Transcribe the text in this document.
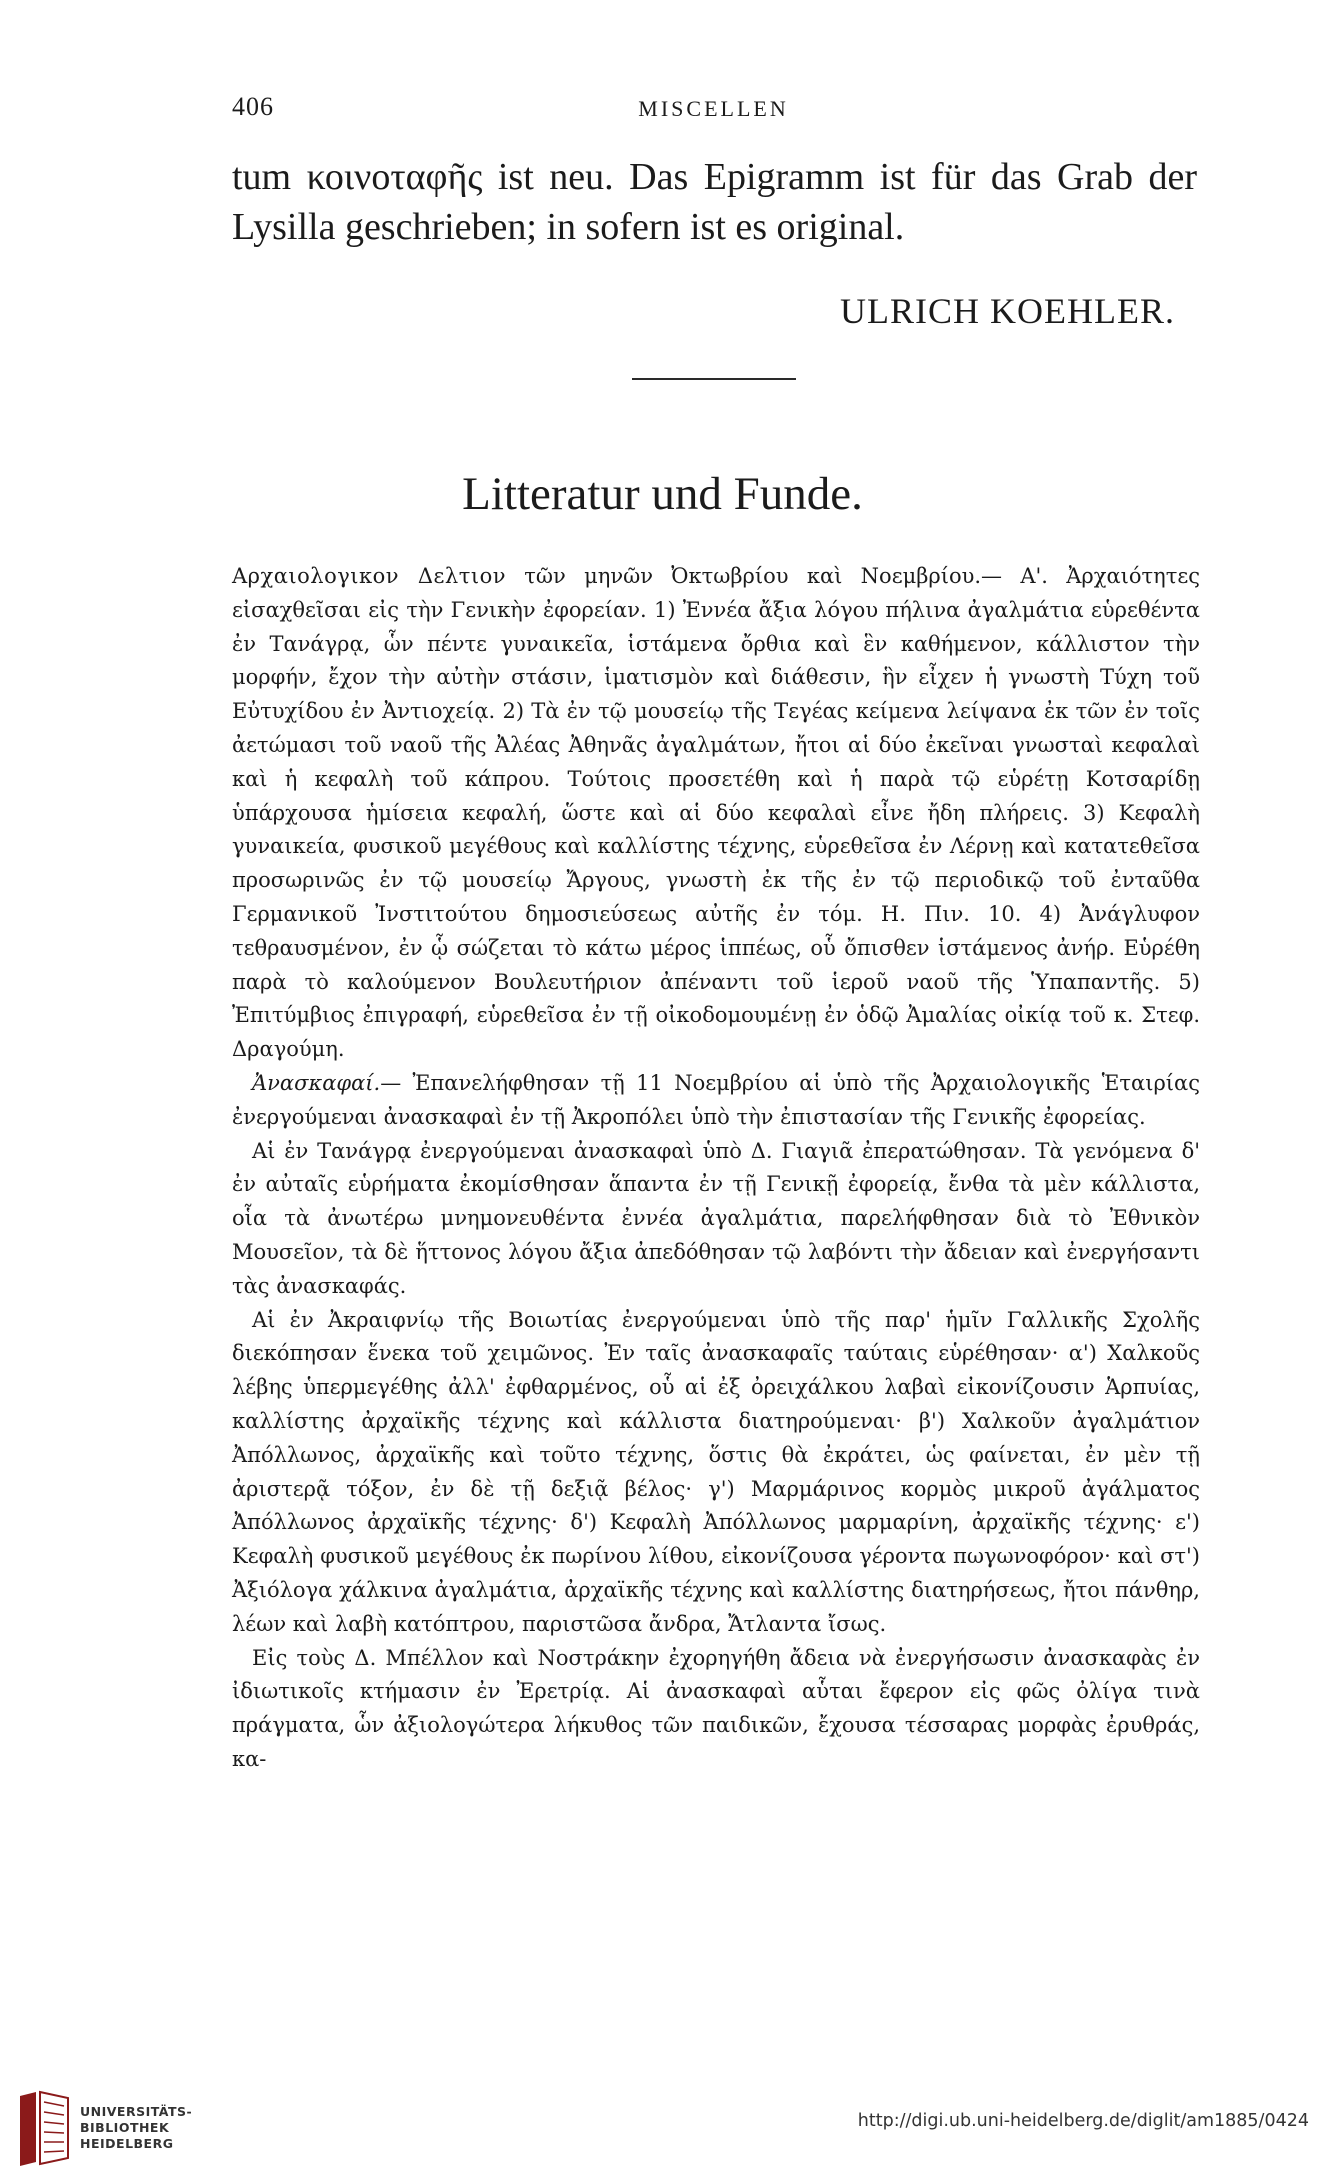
406	MISCELLEN
tum κοινοταφῆς ist neu. Das Epigramm ist für das Grab der Lysilla geschrieben; in sofern ist es original.
ULRICH KOEHLER.
Litteratur und Funde.

Αρχαιολογικον Δελτιον τῶν μηνῶν Ὀκτωβρίου καὶ Νοεμβρίου.— Α'. Ἀρχαιότητες εἰσαχθεῖσαι εἰς τὴν Γενικὴν ἐφορείαν. 1) Ἐννέα ἄξια λόγου πήλινα ἀγαλμάτια εὑρεθέντα ἐν Τανάγρᾳ, ὧν πέντε γυναικεῖα, ἱστάμενα ὄρθια καὶ ἓν καθήμενον, κάλλιστον τὴν μορφήν, ἔχον τὴν αὐτὴν στάσιν, ἱματισμὸν καὶ διάθεσιν, ἣν εἶχεν ἡ γνωστὴ Τύχη τοῦ Εὐτυχίδου ἐν Ἀντιοχείᾳ. 2) Τὰ ἐν τῷ μουσείῳ τῆς Τεγέας κείμενα λείψανα ἐκ τῶν ἐν τοῖς ἀετώμασι τοῦ ναοῦ τῆς Ἀλέας Ἀθηνᾶς ἀγαλμάτων, ἤτοι αἱ δύο ἐκεῖναι γνωσταὶ κεφαλαὶ καὶ ἡ κεφαλὴ τοῦ κάπρου. Τούτοις προσετέθη καὶ ἡ παρὰ τῷ εὑρέτῃ Κοτσαρίδῃ ὑπάρχουσα ἡμίσεια κεφαλή, ὥστε καὶ αἱ δύο κεφαλαὶ εἶνε ἤδη πλήρεις. 3) Κεφαλὴ γυναικεία, φυσικοῦ μεγέθους καὶ καλλίστης τέχνης, εὑρεθεῖσα ἐν Λέρνῃ καὶ κατατεθεῖσα προσωρινῶς ἐν τῷ μουσείῳ Ἄργους, γνωστὴ ἐκ τῆς ἐν τῷ περιοδικῷ τοῦ ἐνταῦθα Γερμανικοῦ Ἰνστιτούτου δημοσιεύσεως αὐτῆς ἐν τόμ. Η. Πιν. 10. 4) Ἀνάγλυφον τεθραυσμένον, ἐν ᾧ σώζεται τὸ κάτω μέρος ἱππέως, οὗ ὄπισθεν ἱστάμενος ἀνήρ. Εὑρέθη παρὰ τὸ καλούμενον Βουλευτήριον ἀπέναντι τοῦ ἱεροῦ ναοῦ τῆς Ὑπαπαντῆς. 5) Ἐπιτύμβιος ἐπιγραφή, εὑρεθεῖσα ἐν τῇ οἰκοδομουμένῃ ἐν ὁδῷ Ἀμαλίας οἰκίᾳ τοῦ κ. Στεφ. Δραγούμη.

Ἀνασκαφαί.— Ἐπανελήφθησαν τῇ 11 Νοεμβρίου αἱ ὑπὸ τῆς Ἀρχαιολογικῆς Ἑταιρίας ἐνεργούμεναι ἀνασκαφαὶ ἐν τῇ Ἀκροπόλει ὑπὸ τὴν ἐπιστασίαν τῆς Γενικῆς ἐφορείας.

Αἱ ἐν Τανάγρᾳ ἐνεργούμεναι ἀνασκαφαὶ ὑπὸ Δ. Γιαγιᾶ ἐπερατώθησαν. Τὰ γενόμενα δ' ἐν αὐταῖς εὑρήματα ἐκομίσθησαν ἅπαντα ἐν τῇ Γενικῇ ἐφορείᾳ, ἔνθα τὰ μὲν κάλλιστα, οἷα τὰ ἀνωτέρω μνημονευθέντα ἐννέα ἀγαλμάτια, παρελήφθησαν διὰ τὸ Ἐθνικὸν Μουσεῖον, τὰ δὲ ἥττονος λόγου ἄξια ἀπεδόθησαν τῷ λαβόντι τὴν ἄδειαν καὶ ἐνεργήσαντι τὰς ἀνασκαφάς.

Αἱ ἐν Ἀκραιφνίῳ τῆς Βοιωτίας ἐνεργούμεναι ὑπὸ τῆς παρ' ἡμῖν Γαλλικῆς Σχολῆς διεκόπησαν ἕνεκα τοῦ χειμῶνος. Ἐν ταῖς ἀνασκαφαῖς ταύταις εὑρέθησαν· α') Χαλκοῦς λέβης ὑπερμεγέθης ἀλλ' ἐφθαρμένος, οὗ αἱ ἐξ ὀρειχάλκου λαβαὶ εἰκονίζουσιν Ἁρπυίας, καλλίστης ἀρχαϊκῆς τέχνης καὶ κάλλιστα διατηρούμεναι· β') Χαλκοῦν ἀγαλμάτιον Ἀπόλλωνος, ἀρχαϊκῆς καὶ τοῦτο τέχνης, ὅστις θὰ ἐκράτει, ὡς φαίνεται, ἐν μὲν τῇ ἀριστερᾷ τόξον, ἐν δὲ τῇ δεξιᾷ βέλος· γ') Μαρμάρινος κορμὸς μικροῦ ἀγάλματος Ἀπόλλωνος ἀρχαϊκῆς τέχνης· δ') Κεφαλὴ Ἀπόλλωνος μαρμαρίνη, ἀρχαϊκῆς τέχνης· ε') Κεφαλὴ φυσικοῦ μεγέθους ἐκ πωρίνου λίθου, εἰκονίζουσα γέροντα πωγωνοφόρον· καὶ στ') Ἀξιόλογα χάλκινα ἀγαλμάτια, ἀρχαϊκῆς τέχνης καὶ καλλίστης διατηρήσεως, ἤτοι πάνθηρ, λέων καὶ λαβὴ κατόπτρου, παριστῶσα ἄνδρα, Ἄτλαντα ἴσως.

Εἰς τοὺς Δ. Μπέλλον καὶ Νοστράκην ἐχορηγήθη ἄδεια νὰ ἐνεργήσωσιν ἀνασκαφὰς ἐν ἰδιωτικοῖς κτήμασιν ἐν Ἐρετρίᾳ. Αἱ ἀνασκαφαὶ αὗται ἔφερον εἰς φῶς ὀλίγα τινὰ πράγματα, ὧν ἀξιολογώτερα λήκυθος τῶν παιδικῶν, ἔχουσα τέσσαρας μορφὰς ἐρυθράς, κα-

UNIVERSITÄTS-
BIBLIOTHEK
HEIDELBERG
http://digi.ub.uni-heidelberg.de/diglit/am1885/0424
